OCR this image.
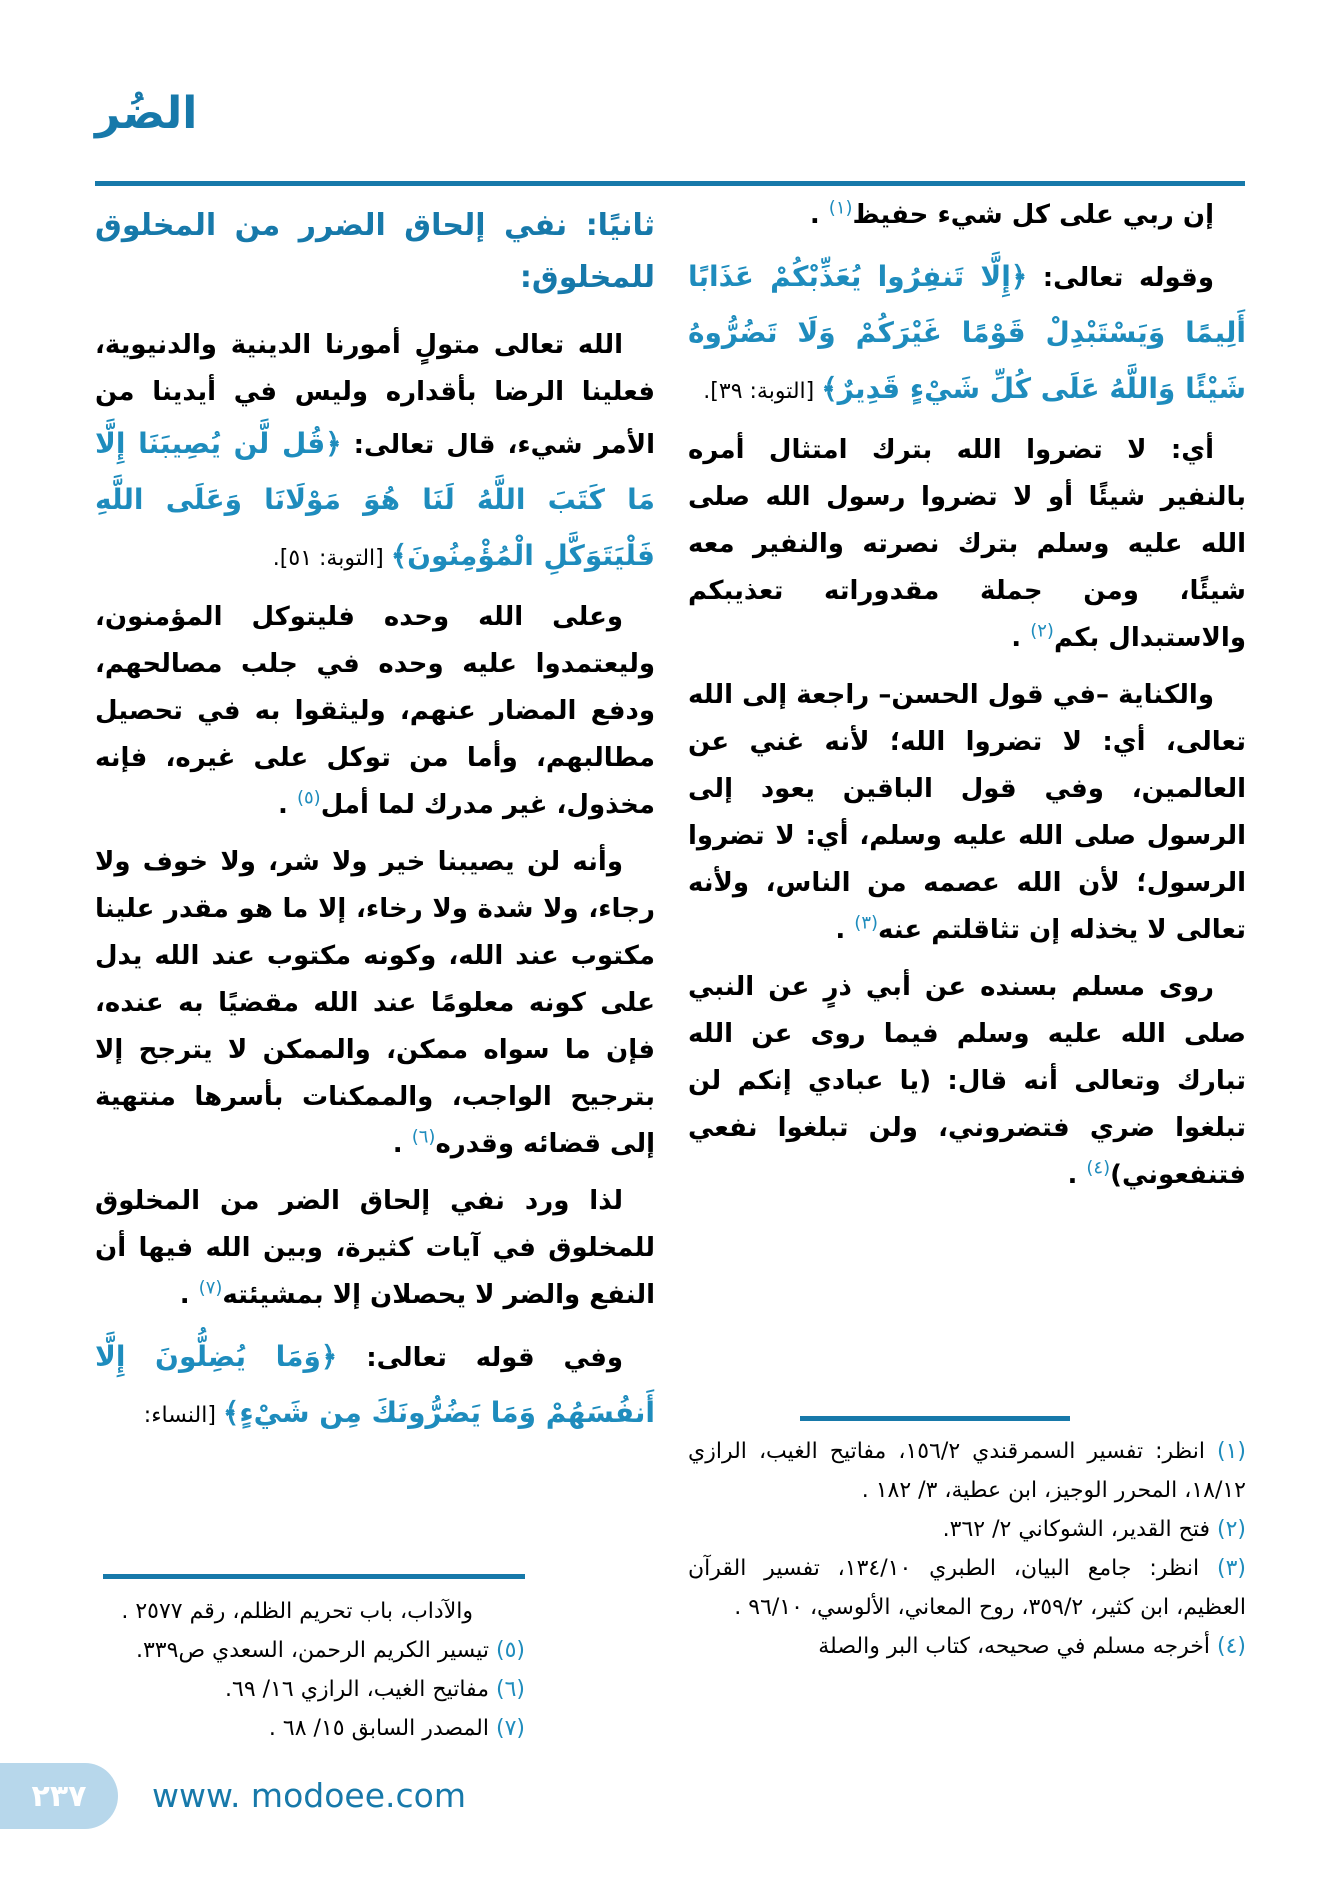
الضُر

إن ربي على كل شيء حفيظ$^{(١)}$ .

وقوله تعالى: ﴿إِلَّا تَنفِرُوا يُعَذِّبْكُمْ عَذَابًا أَلِيمًا وَيَسْتَبْدِلْ قَوْمًا غَيْرَكُمْ وَلَا تَضُرُّوهُ شَيْئًا وَاللَّهُ عَلَى كُلِّ شَيْءٍ قَدِيرٌ﴾ [التوبة: ٣٩].

أي: لا تضروا الله بترك امتثال أمره بالنفير شيئًا أو لا تضروا رسول الله صلى الله عليه وسلم بترك نصرته والنفير معه شيئًا، ومن جملة مقدوراته تعذيبكم والاستبدال بكم$^{(٢)}$ .

والكناية –في قول الحسن– راجعة إلى الله تعالى، أي: لا تضروا الله؛ لأنه غني عن العالمين، وفي قول الباقين يعود إلى الرسول صلى الله عليه وسلم، أي: لا تضروا الرسول؛ لأن الله عصمه من الناس، ولأنه تعالى لا يخذله إن تثاقلتم عنه$^{(٣)}$ .

روى مسلم بسنده عن أبي ذرٍ عن النبي صلى الله عليه وسلم فيما روى عن الله تبارك وتعالى أنه قال: (يا عبادي إنكم لن تبلغوا ضري فتضروني، ولن تبلغوا نفعي فتنفعوني)$^{(٤)}$ .

ثانيًا: نفي إلحاق الضرر من المخلوق للمخلوق:

الله تعالى متولٍ أمورنا الدينية والدنيوية، فعلينا الرضا بأقداره وليس في أيدينا من الأمر شيء، قال تعالى: ﴿قُل لَّن يُصِيبَنَا إِلَّا مَا كَتَبَ اللَّهُ لَنَا هُوَ مَوْلَانَا وَعَلَى اللَّهِ فَلْيَتَوَكَّلِ الْمُؤْمِنُونَ﴾ [التوبة: ٥١].

وعلى الله وحده فليتوكل المؤمنون، وليعتمدوا عليه وحده في جلب مصالحهم، ودفع المضار عنهم، وليثقوا به في تحصيل مطالبهم، وأما من توكل على غيره، فإنه مخذول، غير مدرك لما أمل$^{(٥)}$ .

وأنه لن يصيبنا خير ولا شر، ولا خوف ولا رجاء، ولا شدة ولا رخاء، إلا ما هو مقدر علينا مكتوب عند الله، وكونه مكتوب عند الله يدل على كونه معلومًا عند الله مقضيًا به عنده، فإن ما سواه ممكن، والممكن لا يترجح إلا بترجيح الواجب، والممكنات بأسرها منتهية إلى قضائه وقدره$^{(٦)}$ .

لذا ورد نفي إلحاق الضر من المخلوق للمخلوق في آيات كثيرة، وبين الله فيها أن النفع والضر لا يحصلان إلا بمشيئته$^{(٧)}$ .

وفي قوله تعالى: ﴿وَمَا يُضِلُّونَ إِلَّا أَنفُسَهُمْ وَمَا يَضُرُّونَكَ مِن شَيْءٍ﴾ [النساء:

(١) انظر: تفسير السمرقندي ١٥٦/٢، مفاتيح الغيب، الرازي ١٨/١٢، المحرر الوجيز، ابن عطية، ٣/ ١٨٢ .

(٢) فتح القدير، الشوكاني ٢/ ٣٦٢.

(٣) انظر: جامع البيان، الطبري ١٣٤/١٠، تفسير القرآن العظيم، ابن كثير، ٣٥٩/٢، روح المعاني، الألوسي، ٩٦/١٠ .

(٤) أخرجه مسلم في صحيحه، كتاب البر والصلة

والآداب، باب تحريم الظلم، رقم ٢٥٧٧ .

(٥) تيسير الكريم الرحمن، السعدي ص٣٣٩.

(٦) مفاتيح الغيب، الرازي ١٦/ ٦٩.

(٧) المصدر السابق ١٥/ ٦٨ .

٢٣٧ www. modoee.com
